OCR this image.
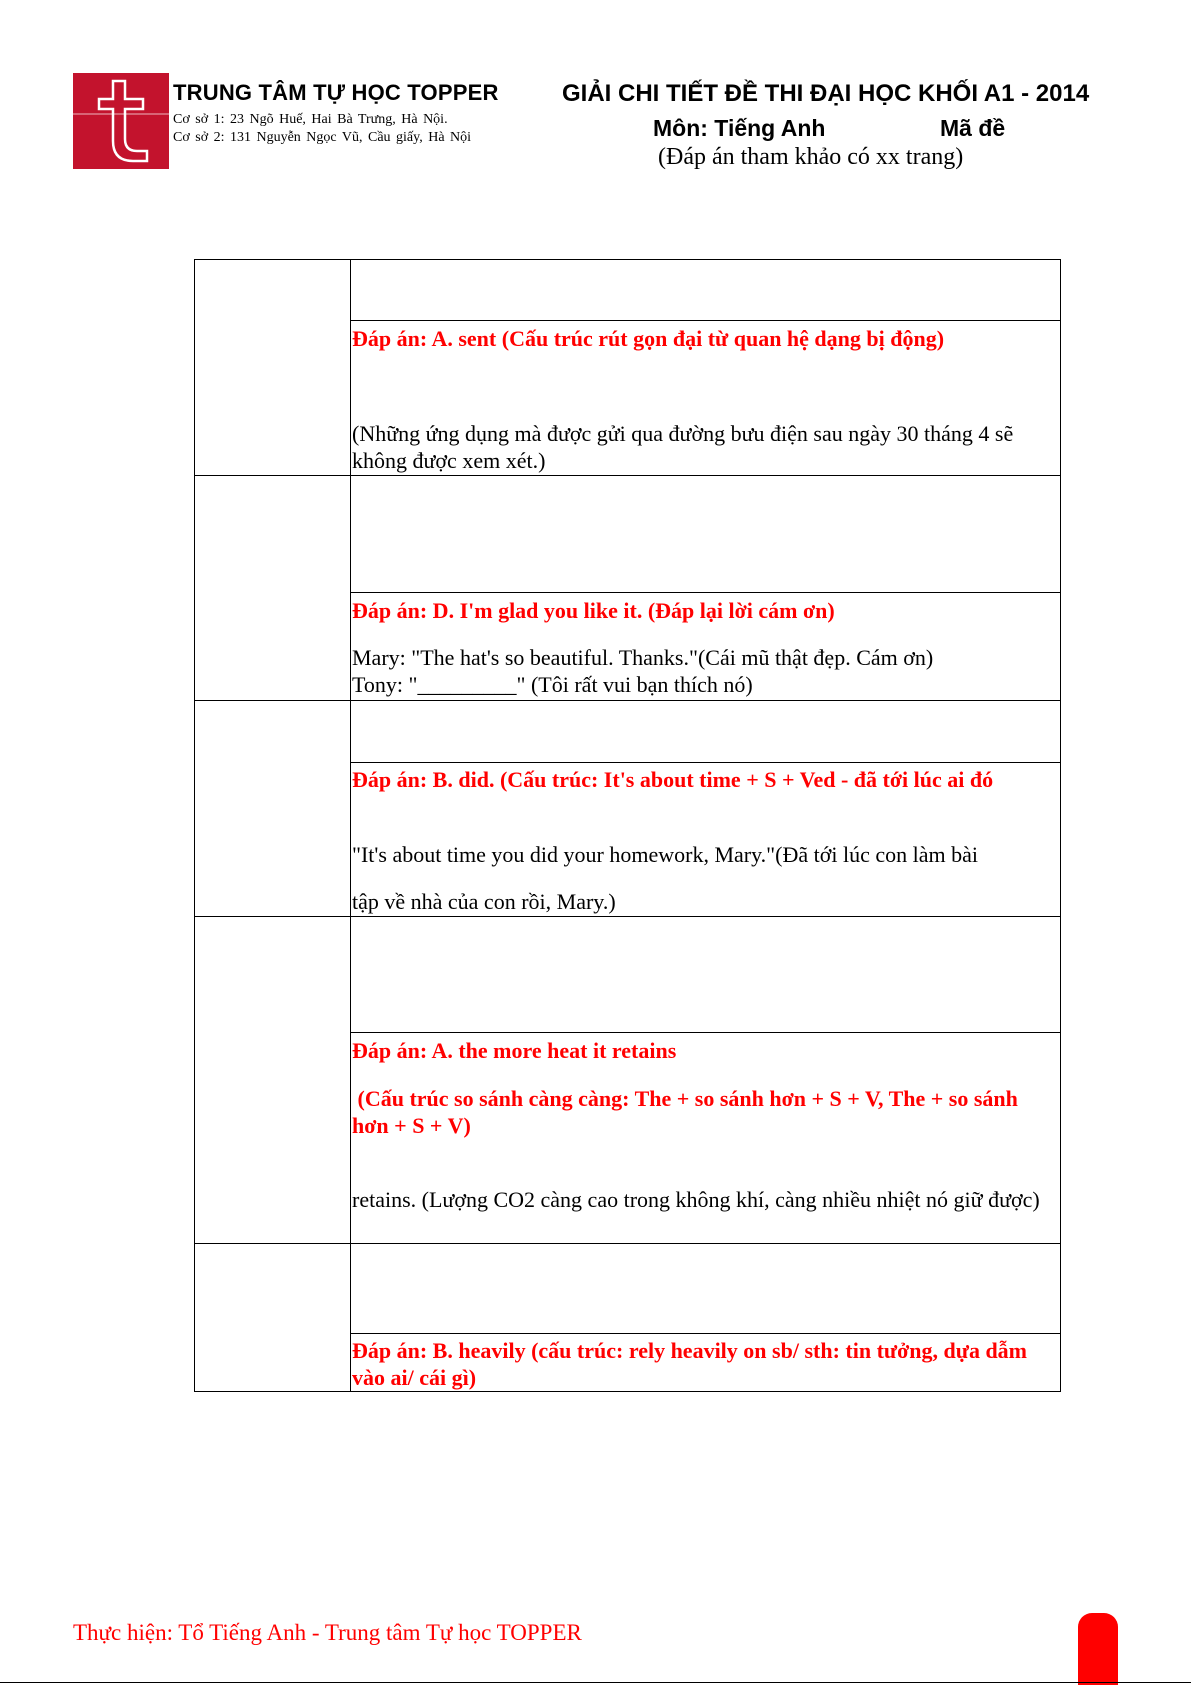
TRUNG TÂM TỰ HỌC TOPPER
Cơ sở 1: 23 Ngõ Huế, Hai Bà Trưng, Hà Nội.
Cơ sở 2: 131 Nguyễn Ngọc Vũ, Cầu giấy, Hà Nội
GIẢI CHI TIẾT ĐỀ THI ĐẠI HỌC KHỐI A1 - 2014
Môn: Tiếng Anh	Mã đề
(Đáp án tham khảo có xx trang)
Đáp án: A. sent (Cấu trúc rút gọn đại từ quan hệ dạng bị động)
(Những ứng dụng mà được gửi qua đường bưu điện sau ngày 30 tháng 4 sẽ không được xem xét.)
Đáp án: D. I'm glad you like it. (Đáp lại lời cám ơn)
Mary: "The hat's so beautiful. Thanks."(Cái mũ thật đẹp. Cám ơn)
Tony: "_________" (Tôi rất vui bạn thích nó)
Đáp án: B. did. (Cấu trúc: It's about time + S + Ved - đã tới lúc ai đó
"It's about time you did your homework, Mary."(Đã tới lúc con làm bài
tập về nhà của con rồi, Mary.)
Đáp án: A. the more heat it retains
(Cấu trúc so sánh càng càng: The + so sánh hơn + S + V, The + so sánh hơn + S + V)
retains. (Lượng CO2 càng cao trong không khí, càng nhiều nhiệt nó giữ được)
Đáp án: B. heavily (cấu trúc: rely heavily on sb/ sth: tin tưởng, dựa dẫm vào ai/ cái gì)
Thực hiện: Tổ Tiếng Anh - Trung tâm Tự học TOPPER
